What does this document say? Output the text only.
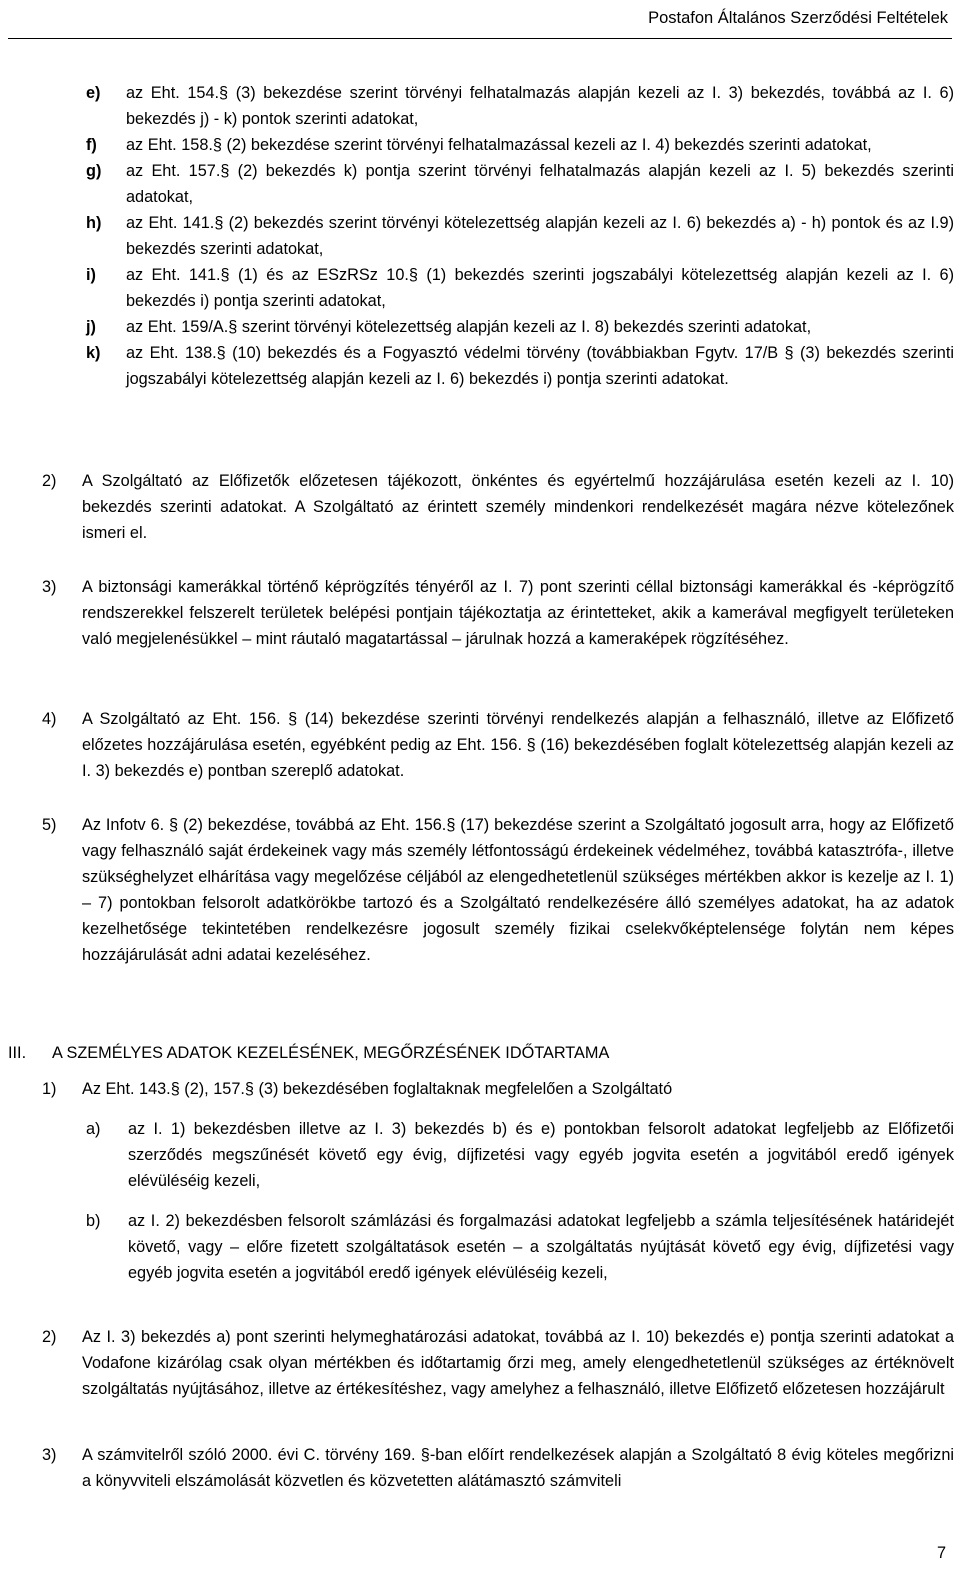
Postafon Általános Szerződési Feltételek
e)	az Eht. 154.§ (3) bekezdése szerint törvényi felhatalmazás alapján kezeli az I. 3) bekezdés, továbbá az I. 6) bekezdés j) - k) pontok szerinti adatokat,
f)	az Eht. 158.§ (2) bekezdése szerint törvényi felhatalmazással kezeli az I. 4) bekezdés szerinti adatokat,
g)	az Eht. 157.§ (2) bekezdés k) pontja szerint törvényi felhatalmazás alapján kezeli az I. 5) bekezdés szerinti adatokat,
h)	az Eht. 141.§ (2) bekezdés szerint törvényi kötelezettség alapján kezeli az I. 6) bekezdés a) - h) pontok és az I.9) bekezdés szerinti adatokat,
i)	az Eht. 141.§ (1) és az ESzRSz 10.§ (1) bekezdés szerinti jogszabályi kötelezettség alapján kezeli az I. 6) bekezdés i) pontja szerinti adatokat,
j)	az Eht. 159/A.§ szerint törvényi kötelezettség alapján kezeli az I. 8) bekezdés szerinti adatokat,
k)	az Eht. 138.§ (10) bekezdés és a Fogyasztó védelmi törvény (továbbiakban Fgytv. 17/B § (3) bekezdés szerinti jogszabályi kötelezettség alapján kezeli az I. 6) bekezdés i) pontja szerinti adatokat.
2)	A Szolgáltató az Előfizetők előzetesen tájékozott, önkéntes és egyértelmű hozzájárulása esetén kezeli az I. 10) bekezdés szerinti adatokat. A Szolgáltató az érintett személy mindenkori rendelkezését magára nézve kötelezőnek ismeri el.
3)	A biztonsági kamerákkal történő képrögzítés tényéről az I. 7) pont szerinti céllal biztonsági kamerákkal és -képrögzítő rendszerekkel felszerelt területek belépési pontjain tájékoztatja az érintetteket, akik a kamerával megfigyelt területeken való megjelenésükkel – mint ráutaló magatartással – járulnak hozzá a kameraképek rögzítéséhez.
4)	A Szolgáltató az Eht. 156. § (14) bekezdése szerinti törvényi rendelkezés alapján a felhasználó, illetve az Előfizető előzetes hozzájárulása esetén, egyébként pedig az Eht. 156. § (16) bekezdésében foglalt kötelezettség alapján kezeli az I. 3) bekezdés e) pontban szereplő adatokat.
5)	Az Infotv 6. § (2) bekezdése, továbbá az Eht. 156.§ (17) bekezdése szerint a Szolgáltató jogosult arra, hogy az Előfizető vagy felhasználó saját érdekeinek vagy más személy létfontosságú érdekeinek védelméhez, továbbá katasztrófa-, illetve szükséghelyzet elhárítása vagy megelőzése céljából az elengedhetetlenül szükséges mértékben akkor is kezelje az I. 1) – 7) pontokban felsorolt adatkörökbe tartozó és a Szolgáltató rendelkezésére álló személyes adatokat, ha az adatok kezelhetősége tekintetében rendelkezésre jogosult személy fizikai cselekvőképtelensége folytán nem képes hozzájárulását adni adatai kezeléséhez.
III.	A SZEMÉLYES ADATOK KEZELÉSÉNEK, MEGŐRZÉSÉNEK IDŐTARTAMA
1)	Az Eht. 143.§ (2), 157.§ (3) bekezdésében foglaltaknak megfelelően a Szolgáltató
a)	az I. 1) bekezdésben illetve az I. 3) bekezdés b) és e) pontokban felsorolt adatokat legfeljebb az Előfizetői szerződés megszűnését követő egy évig, díjfizetési vagy egyéb jogvita esetén a jogvitából eredő igények elévüléséig kezeli,
b)	az I. 2) bekezdésben felsorolt számlázási és forgalmazási adatokat legfeljebb a számla teljesítésének határidejét követő, vagy – előre fizetett szolgáltatások esetén – a szolgáltatás nyújtását követő egy évig, díjfizetési vagy egyéb jogvita esetén a jogvitából eredő igények elévüléséig kezeli,
2)	Az I. 3) bekezdés a) pont szerinti helymeghatározási adatokat, továbbá az I. 10) bekezdés e) pontja szerinti adatokat a Vodafone kizárólag csak olyan mértékben és időtartamig őrzi meg, amely elengedhetetlenül szükséges az értéknövelt szolgáltatás nyújtásához, illetve az értékesítéshez, vagy amelyhez a felhasználó, illetve Előfizető előzetesen hozzájárult
3)	A számvitelről szóló 2000. évi C. törvény 169. §-ban előírt rendelkezések alapján a Szolgáltató 8 évig köteles megőrizni a könyvviteli elszámolását közvetlen és közvetetten alátámasztó számviteli
7
